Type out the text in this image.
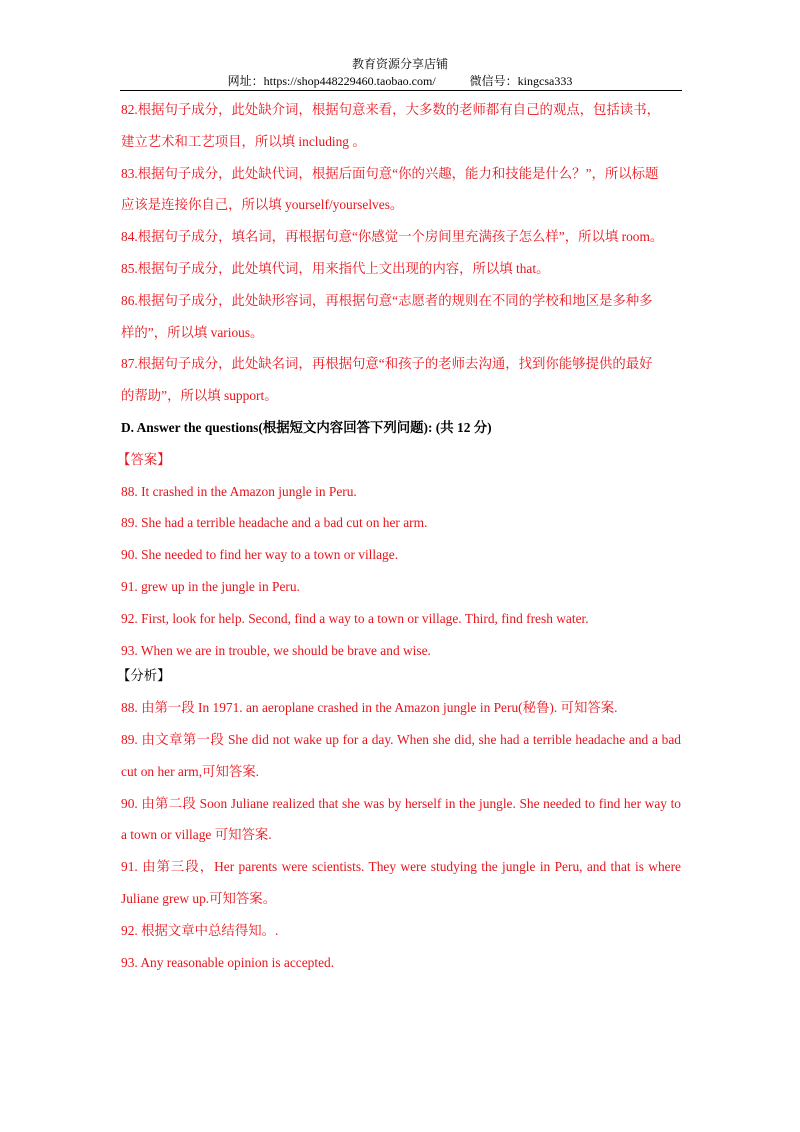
教育资源分享店铺
网址：https://shop448229460.taobao.com/	微信号：kingcsa333

82.根据句子成分，此处缺介词，根据句意来看，大多数的老师都有自己的观点，包括读书，

建立艺术和工艺项目，所以填 including 。

83.根据句子成分，此处缺代词，根据后面句意“你的兴趣，能力和技能是什么？”，所以标题

应该是连接你自己，所以填 yourself/yourselves。

84.根据句子成分，填名词，再根据句意“你感觉一个房间里充满孩子怎么样”，所以填 room。

85.根据句子成分，此处填代词，用来指代上文出现的内容，所以填 that。

86.根据句子成分，此处缺形容词，再根据句意“志愿者的规则在不同的学校和地区是多种多

样的”，所以填 various。

87.根据句子成分，此处缺名词，再根据句意“和孩子的老师去沟通，找到你能够提供的最好

的帮助”，所以填 support。

D. Answer the questions(根据短文内容回答下列问题): (共 12 分)

【答案】

88. It crashed in the Amazon jungle in Peru.

89. She had a terrible headache and a bad cut on her arm.

90. She needed to find her way to a town or village.

91. grew up in the jungle in Peru.

92. First, look for help. Second, find a way to a town or village. Third, find fresh water.

93. When we are in trouble, we should be brave and wise.

【分析】

88. 由第一段 In 1971. an aeroplane crashed in the Amazon jungle in Peru(秘鲁). 可知答案.

89. 由文章第一段 She did not wake up for a day. When she did, she had a terrible headache and a bad cut on her arm,可知答案.

90. 由第二段 Soon Juliane realized that she was by herself in the jungle. She needed to find her way to a town or village 可知答案.

91. 由第三段，Her parents were scientists. They were studying the jungle in Peru, and that is where Juliane grew up.可知答案。

92. 根据文章中总结得知。.

93. Any reasonable opinion is accepted.
